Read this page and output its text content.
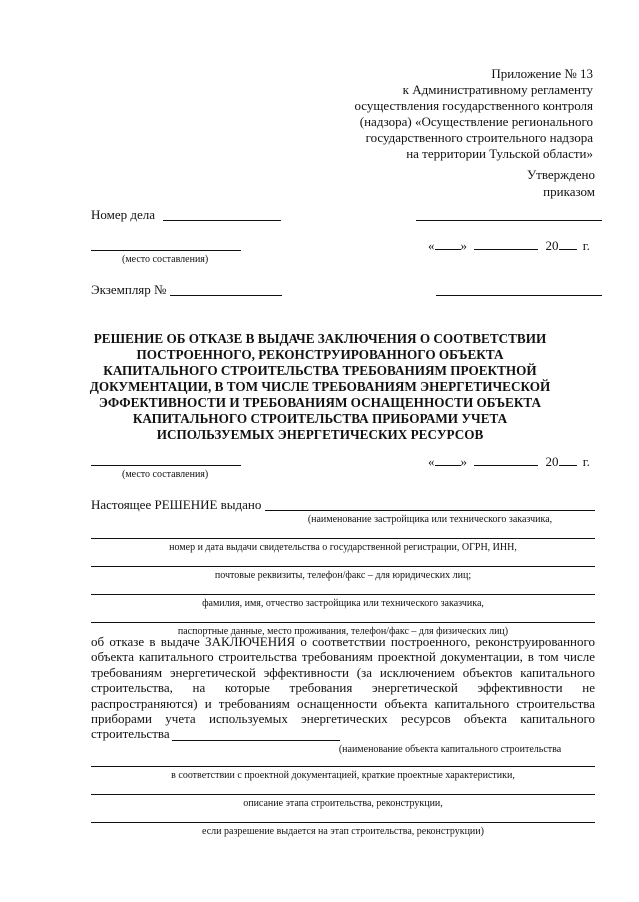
Приложение № 13
к Административному регламенту
осуществления государственного контроля
(надзора) «Осуществление регионального
государственного строительного надзора
на территории Тульской области»
Утверждено
приказом
Номер дела
(место составления)
« »	20 г.
Экземпляр №
РЕШЕНИЕ ОБ ОТКАЗЕ В ВЫДАЧЕ ЗАКЛЮЧЕНИЯ О СООТВЕТСТВИИ ПОСТРОЕННОГО, РЕКОНСТРУИРОВАННОГО ОБЪЕКТА КАПИТАЛЬНОГО СТРОИТЕЛЬСТВА ТРЕБОВАНИЯМ ПРОЕКТНОЙ ДОКУМЕНТАЦИИ, В ТОМ ЧИСЛЕ ТРЕБОВАНИЯМ ЭНЕРГЕТИЧЕСКОЙ ЭФФЕКТИВНОСТИ И ТРЕБОВАНИЯМ ОСНАЩЕННОСТИ ОБЪЕКТА КАПИТАЛЬНОГО СТРОИТЕЛЬСТВА ПРИБОРАМИ УЧЕТА ИСПОЛЬЗУЕМЫХ ЭНЕРГЕТИЧЕСКИХ РЕСУРСОВ
(место составления)
« »	20 г.
Настоящее РЕШЕНИЕ выдано
(наименование застройщика или технического заказчика,
номер и дата выдачи свидетельства о государственной регистрации, ОГРН, ИНН,
почтовые реквизиты, телефон/факс – для юридических лиц;
фамилия, имя, отчество застройщика или технического заказчика,
паспортные данные, место проживания, телефон/факс – для физических лиц)
об отказе в выдаче ЗАКЛЮЧЕНИЯ о соответствии построенного, реконструированного объекта капитального строительства требованиям проектной документации, в том числе требованиям энергетической эффективности (за исключением объектов капитального строительства, на которые требования энергетической эффективности не распространяются) и требованиям оснащенности объекта капитального строительства приборами учета используемых энергетических ресурсов объекта капитального строительства
(наименование объекта капитального строительства
в соответствии с проектной документацией, краткие проектные характеристики,
описание этапа строительства, реконструкции,
если разрешение выдается на этап строительства, реконструкции)
